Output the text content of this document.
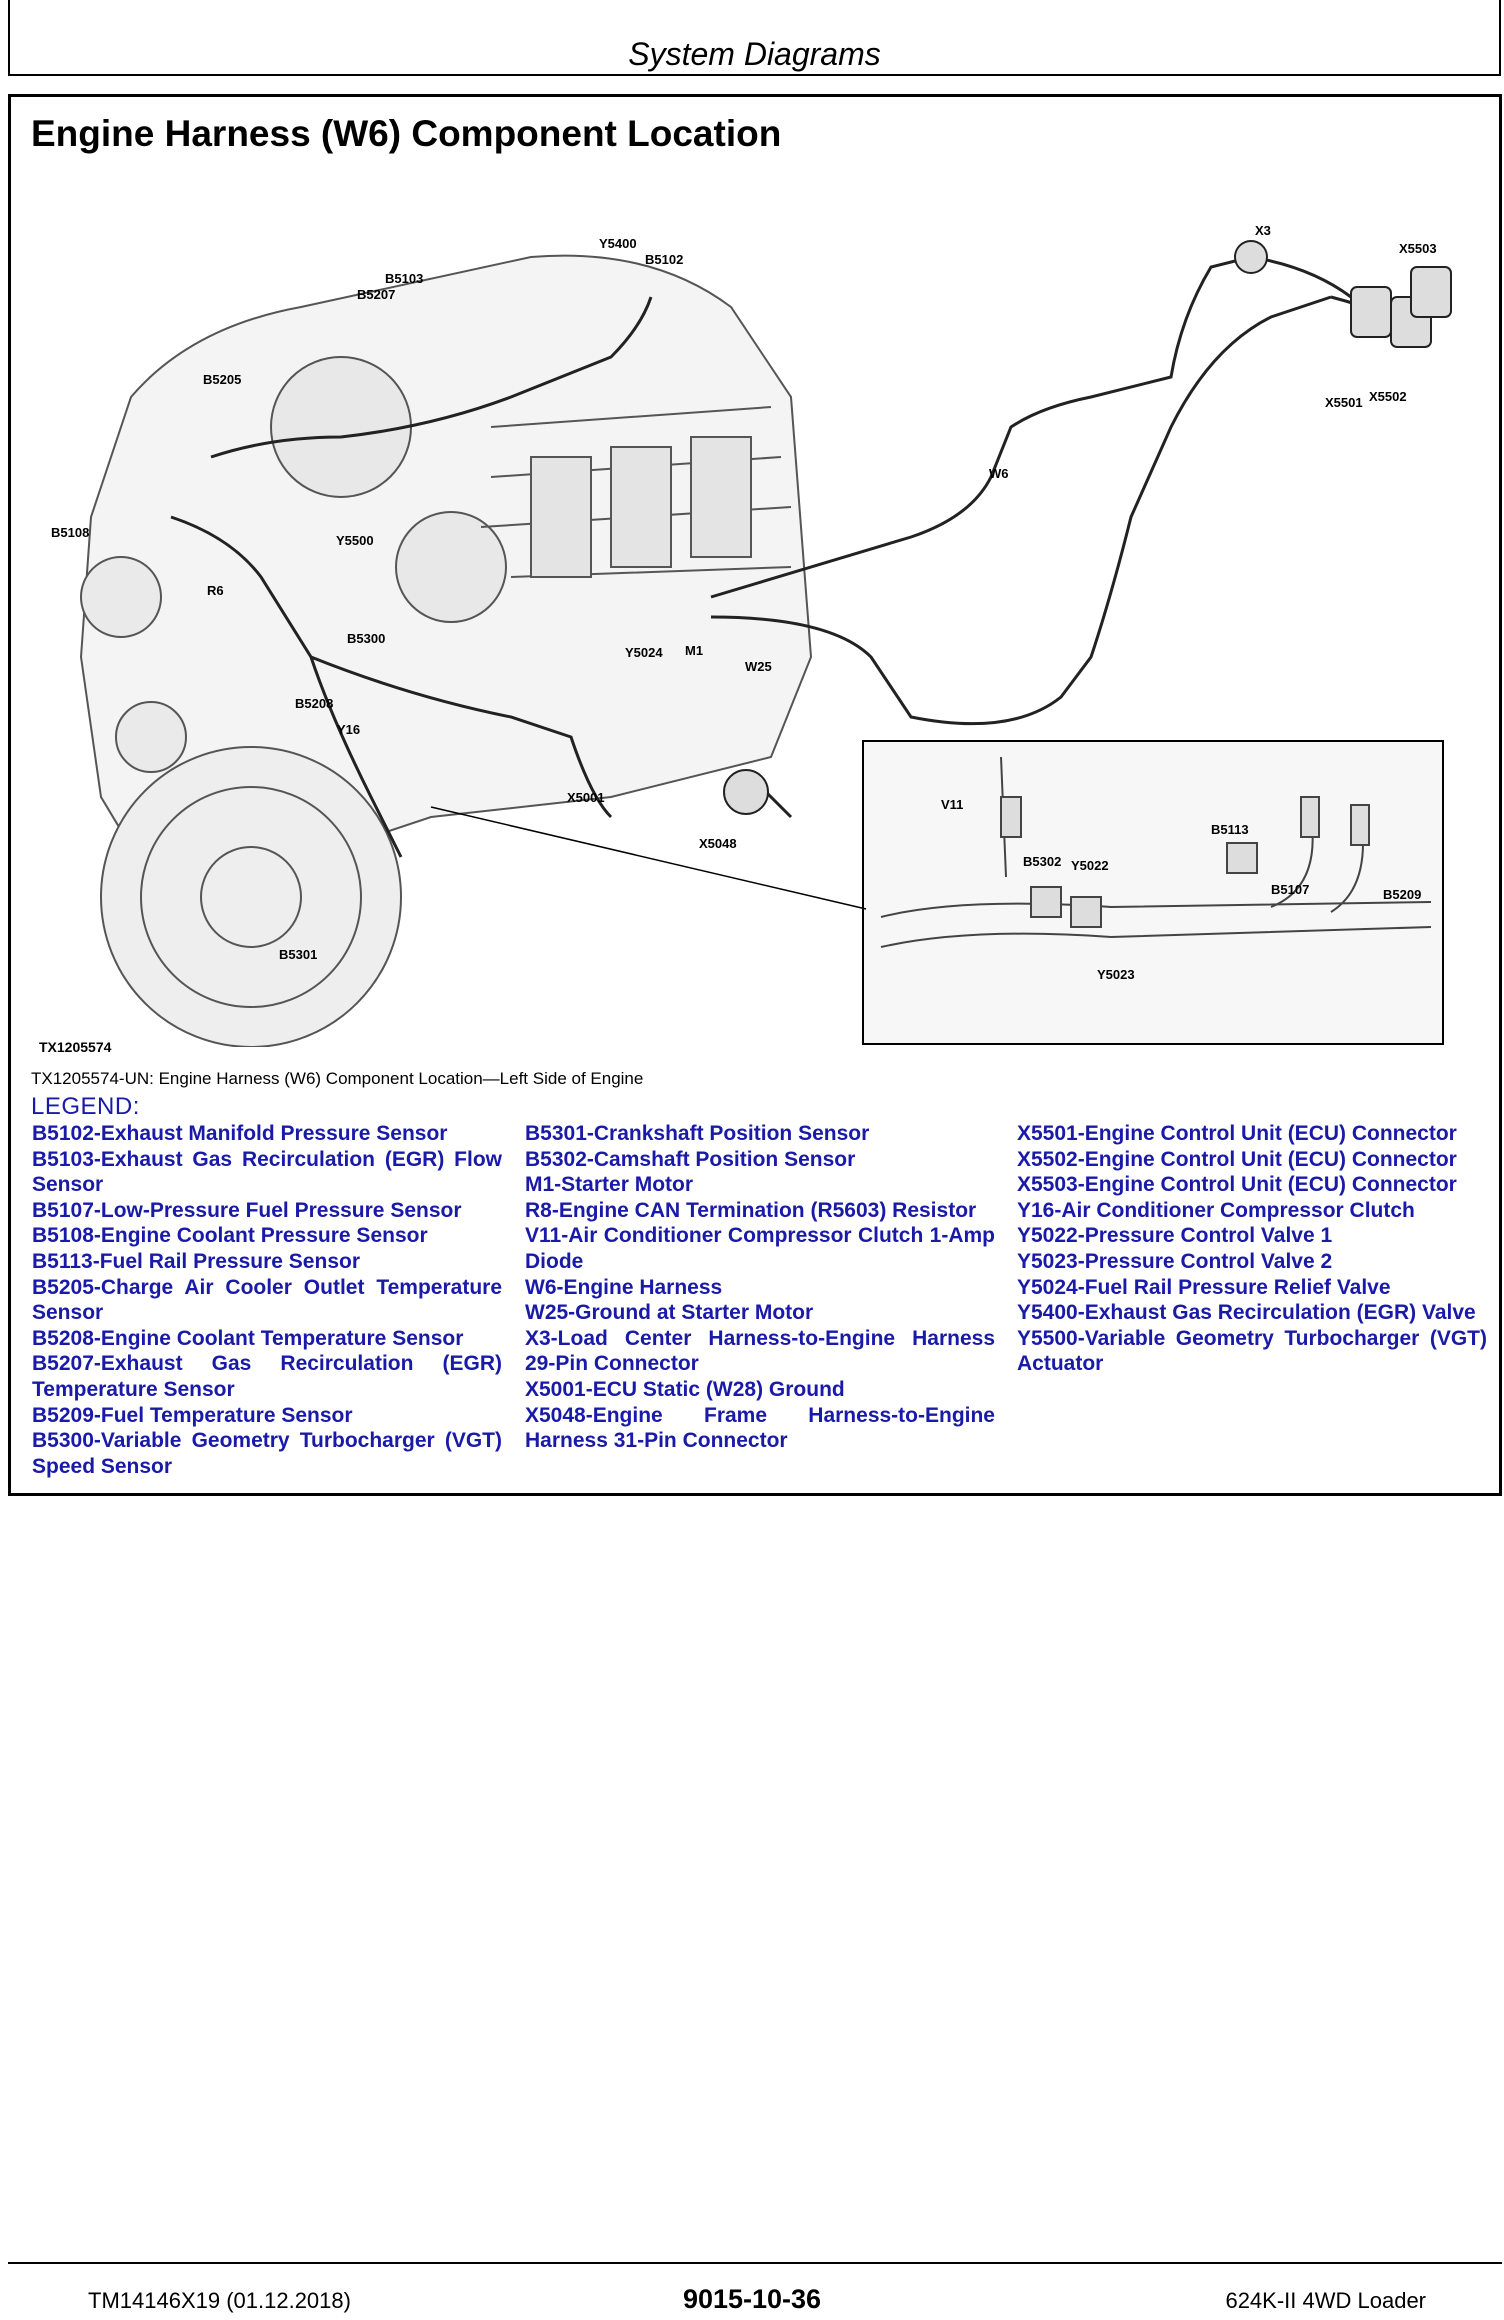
System Diagrams
Engine Harness (W6) Component Location
Y5400
B5102
B5103
B5207
B5205
B5108
R6
Y5500
B5300
B5208
Y16
Y5024 M1
W25
X5001
X5048
W6
X3
X5503
X5501 X5502
V11
B5302 Y5022
Y5023
B5113
B5107	B5209
B5301
TX1205574
TX1205574-UN: Engine Harness (W6) Component Location—Left Side of Engine
LEGEND:
B5102-Exhaust Manifold Pressure Sensor
B5103-Exhaust Gas Recirculation (EGR) Flow Sensor
B5107-Low-Pressure Fuel Pressure Sensor
B5108-Engine Coolant Pressure Sensor
B5113-Fuel Rail Pressure Sensor
B5205-Charge Air Cooler Outlet Temperature Sensor
B5208-Engine Coolant Temperature Sensor
B5207-Exhaust Gas Recirculation (EGR) Temperature Sensor
B5209-Fuel Temperature Sensor
B5300-Variable Geometry Turbocharger (VGT) Speed Sensor
B5301-Crankshaft Position Sensor
B5302-Camshaft Position Sensor
M1-Starter Motor
R8-Engine CAN Termination (R5603) Resistor
V11-Air Conditioner Compressor Clutch 1-Amp Diode
W6-Engine Harness
W25-Ground at Starter Motor
X3-Load Center Harness-to-Engine Harness 29-Pin Connector
X5001-ECU Static (W28) Ground
X5048-Engine Frame Harness-to-Engine Harness 31-Pin Connector
X5501-Engine Control Unit (ECU) Connector
X5502-Engine Control Unit (ECU) Connector
X5503-Engine Control Unit (ECU) Connector
Y16-Air Conditioner Compressor Clutch
Y5022-Pressure Control Valve 1
Y5023-Pressure Control Valve 2
Y5024-Fuel Rail Pressure Relief Valve
Y5400-Exhaust Gas Recirculation (EGR) Valve
Y5500-Variable Geometry Turbocharger (VGT) Actuator
TM14146X19 (01.12.2018)	9015-10-36	624K-II 4WD Loader
